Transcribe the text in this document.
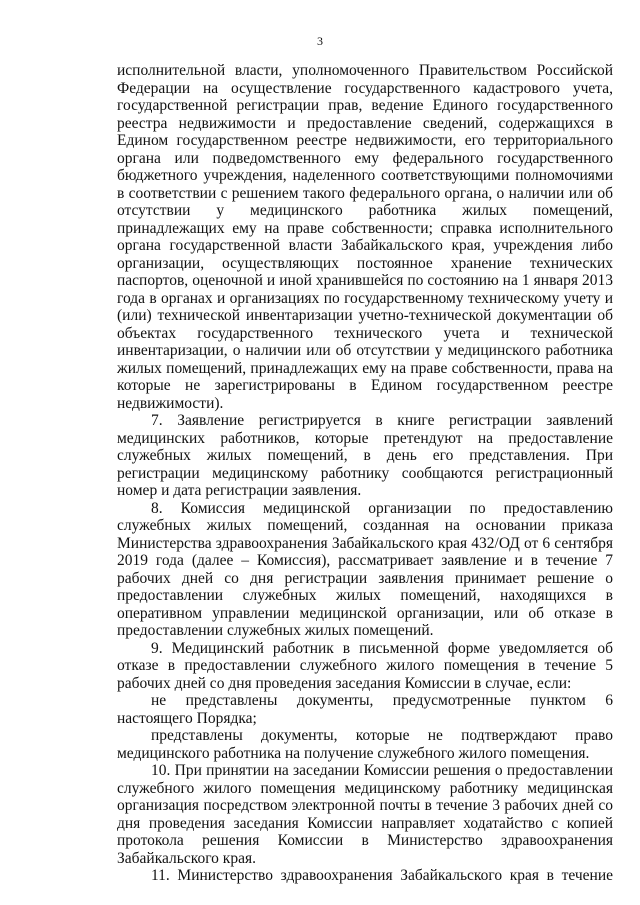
3

исполнительной власти, уполномоченного Правительством Российской Федерации на осуществление государственного кадастрового учета, государственной регистрации прав, ведение Единого государственного реестра недвижимости и предоставление сведений, содержащихся в Едином государственном реестре недвижимости, его территориального органа или подведомственного ему федерального государственного бюджетного учреждения, наделенного соответствующими полномочиями в соответствии с решением такого федерального органа, о наличии или об отсутствии у медицинского работника жилых помещений, принадлежащих ему на праве собственности; справка исполнительного органа государственной власти Забайкальского края, учреждения либо организации, осуществляющих постоянное хранение технических паспортов, оценочной и иной хранившейся по состоянию на 1 января 2013 года в органах и организациях по государственному техническому учету и (или) технической инвентаризации учетно-технической документации об объектах государственного технического учета и технической инвентаризации, о наличии или об отсутствии у медицинского работника жилых помещений, принадлежащих ему на праве собственности, права на которые не зарегистрированы в Едином государственном реестре недвижимости).

7. Заявление регистрируется в книге регистрации заявлений медицинских работников, которые претендуют на предоставление служебных жилых помещений, в день его представления. При регистрации медицинскому работнику сообщаются регистрационный номер и дата регистрации заявления.

8. Комиссия медицинской организации по предоставлению служебных жилых помещений, созданная на основании приказа Министерства здравоохранения Забайкальского края 432/ОД от 6 сентября 2019 года (далее – Комиссия), рассматривает заявление и в течение 7 рабочих дней со дня регистрации заявления принимает решение о предоставлении служебных жилых помещений, находящихся в оперативном управлении медицинской организации, или об отказе в предоставлении служебных жилых помещений.

9. Медицинский работник в письменной форме уведомляется об отказе в предоставлении служебного жилого помещения в течение 5 рабочих дней со дня проведения заседания Комиссии в случае, если:

не представлены документы, предусмотренные пунктом 6 настоящего Порядка;

представлены документы, которые не подтверждают право медицинского работника на получение служебного жилого помещения.

10. При принятии на заседании Комиссии решения о предоставлении служебного жилого помещения медицинскому работнику медицинская организация посредством электронной почты в течение 3 рабочих дней со дня проведения заседания Комиссии направляет ходатайство с копией протокола решения Комиссии в Министерство здравоохранения Забайкальского края.

11. Министерство здравоохранения Забайкальского края в течение
